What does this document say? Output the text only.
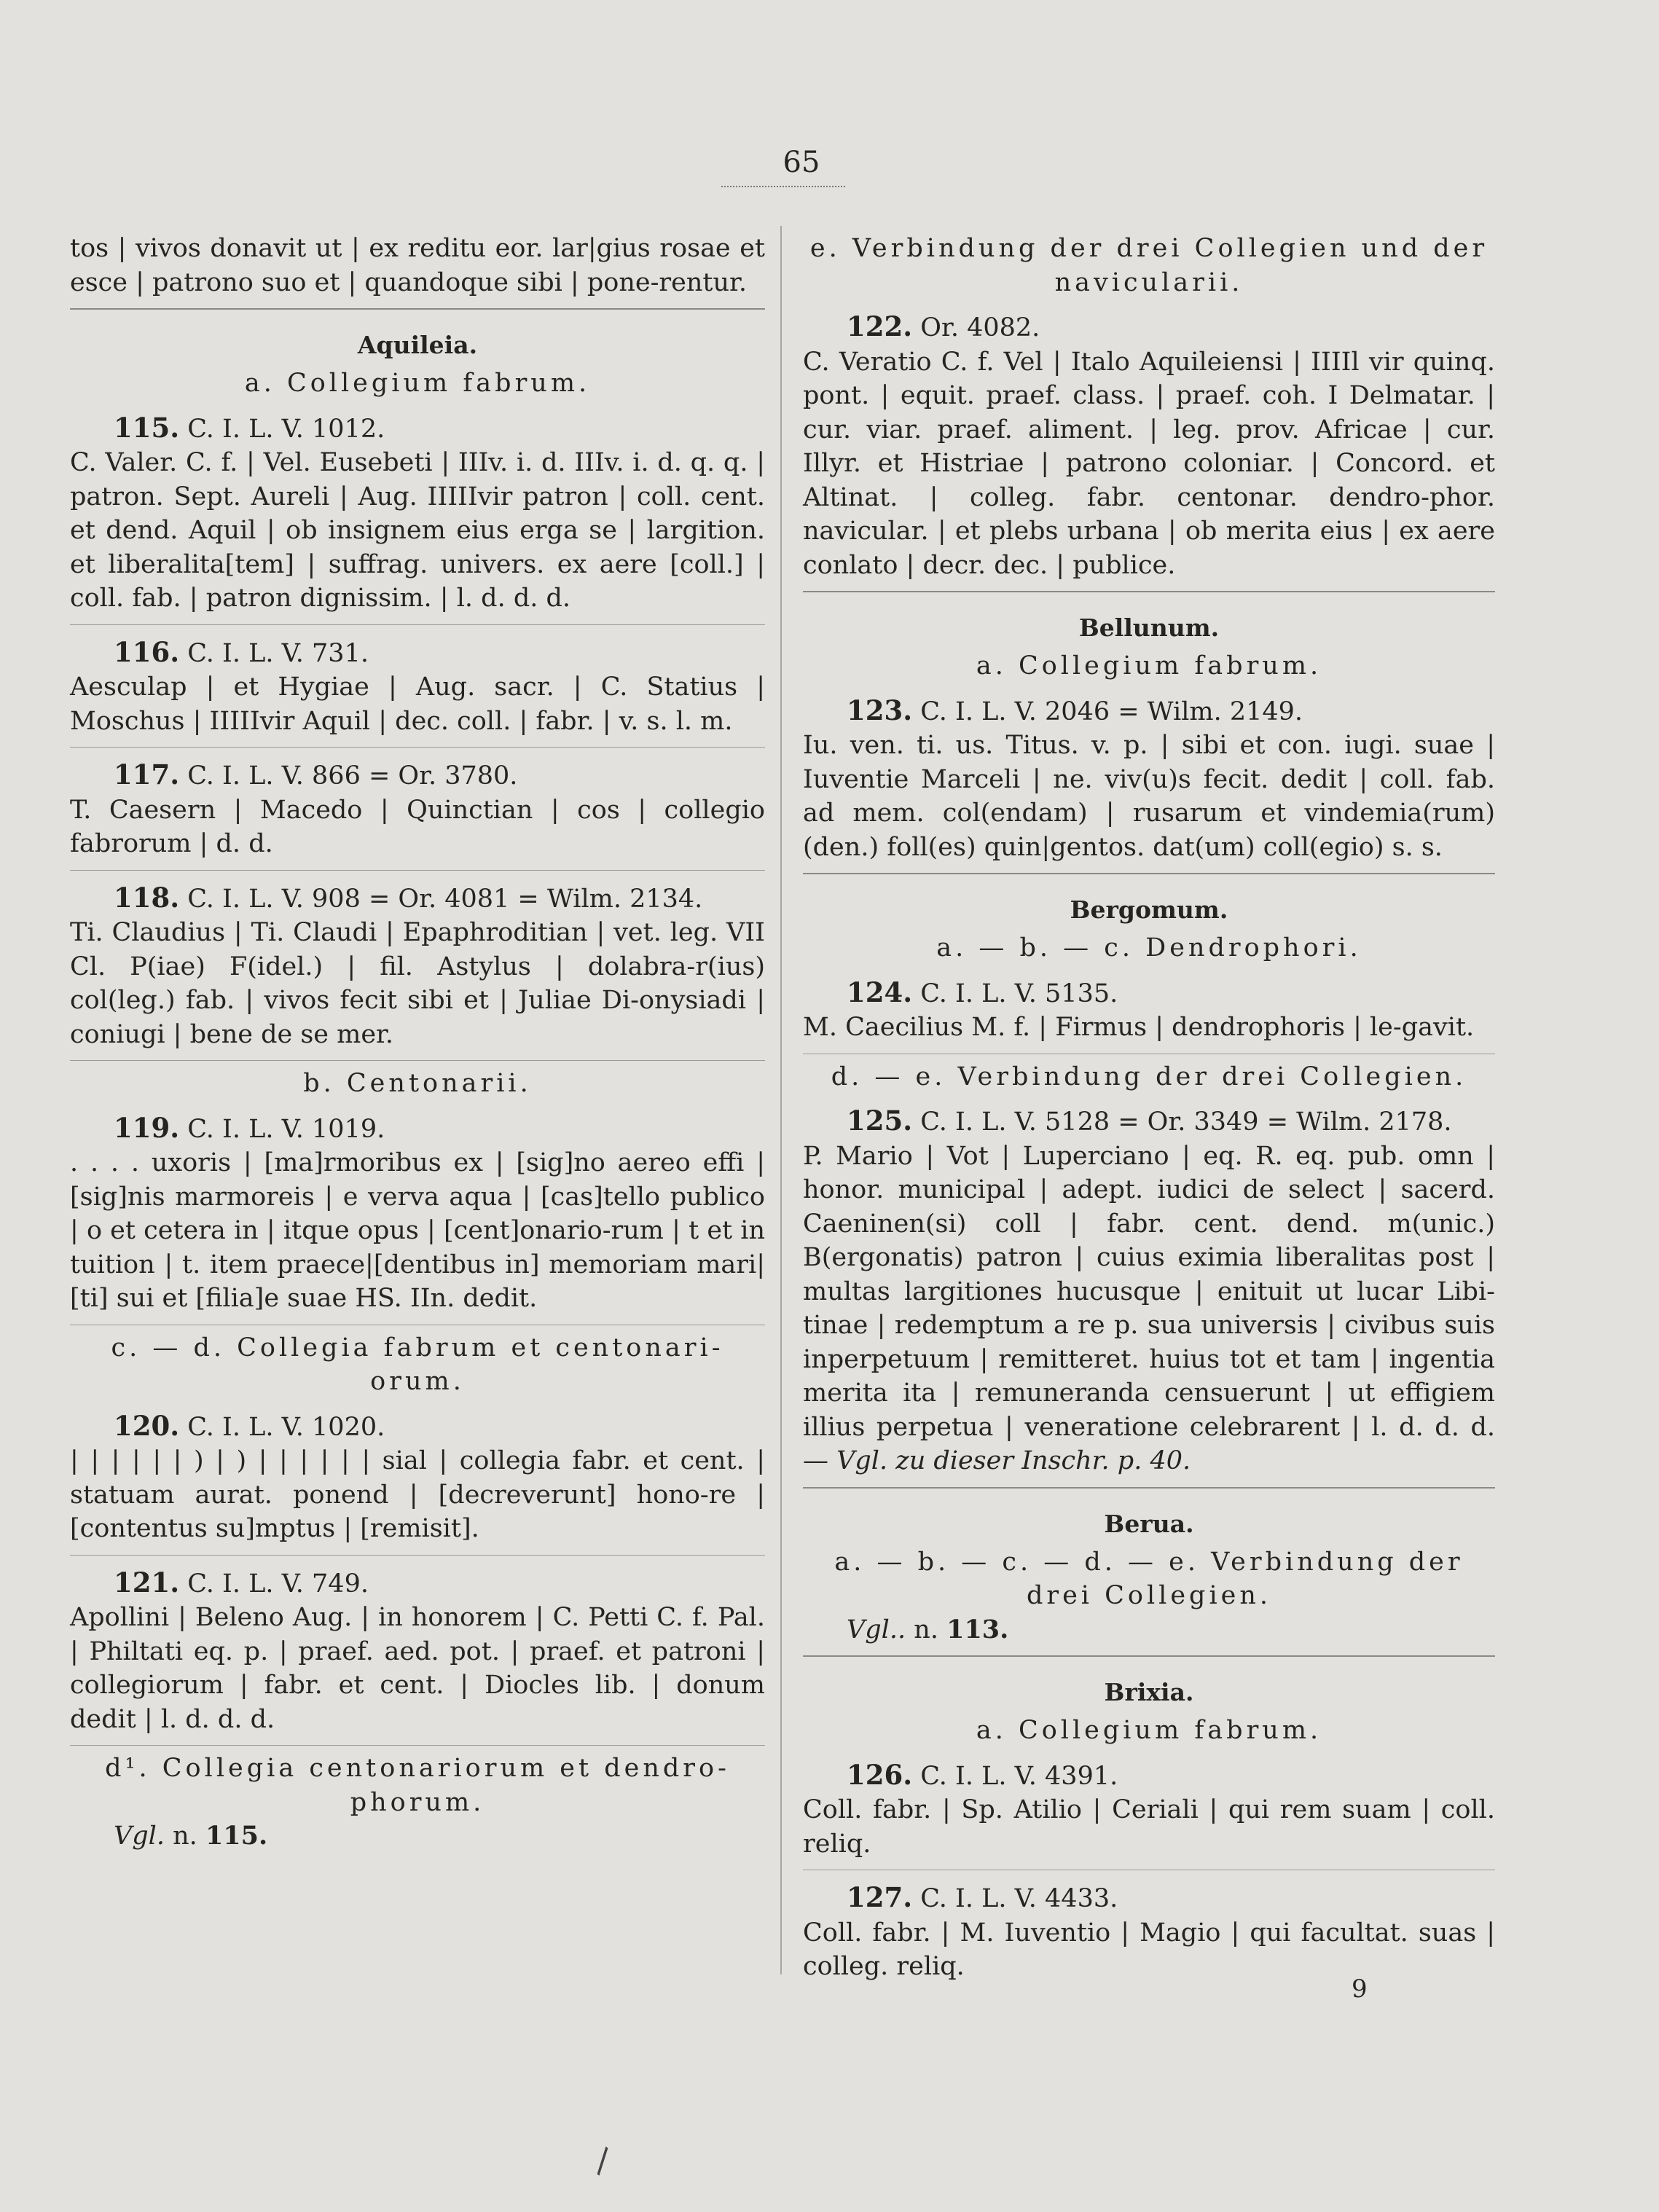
65

tos | vivos donavit ut | ex reditu eor. lar|gius rosae et esce | patrono suo et | quandoque sibi | pone-rentur.

Aquileia.
a. Collegium fabrum.
115. C. I. L. V. 1012.

C. Valer. C. f. | Vel. Eusebeti | IIIv. i. d. IIIv. i. d. q. q. | patron. Sept. Aureli | Aug. IIIIIvir patron | coll. cent. et dend. Aquil | ob insignem eius erga se | largition. et liberalita[tem] | suffrag. univers. ex aere [coll.] | coll. fab. | patron dignissim. | l. d. d. d.

116. C. I. L. V. 731.

Aesculap | et Hygiae | Aug. sacr. | C. Statius | Moschus | IIIIIvir Aquil | dec. coll. | fabr. | v. s. l. m.

117. C. I. L. V. 866 = Or. 3780.

T. Caesern | Macedo | Quinctian | cos | collegio fabrorum | d. d.

118. C. I. L. V. 908 = Or. 4081 = Wilm. 2134.

Ti. Claudius | Ti. Claudi | Epaphroditian | vet. leg. VII Cl. P(iae) F(idel.) | fil. Astylus | dolabra-r(ius) col(leg.) fab. | vivos fecit sibi et | Juliae Di-onysiadi | coniugi | bene de se mer.

b. Centonarii.
119. C. I. L. V. 1019.

. . . . uxoris | [ma]rmoribus ex | [sig]no aereo effi | [sig]nis marmoreis | e verva aqua | [cas]tello publico | o et cetera in | itque opus | [cent]onario-rum | t et in tuition | t. item praece|[dentibus in] memoriam mari|[ti] sui et [filia]e suae HS. IIn. dedit.

c. — d. Collegia fabrum et centonari-orum.
120. C. I. L. V. 1020.

| | | | | | ) | ) | | | | | | sial | collegia fabr. et cent. | statuam aurat. ponend | [decreverunt] hono-re | [contentus su]mptus | [remisit].

121. C. I. L. V. 749.

Apollini | Beleno Aug. | in honorem | C. Petti C. f. Pal. | Philtati eq. p. | praef. aed. pot. | praef. et patroni | collegiorum | fabr. et cent. | Diocles lib. | donum dedit | l. d. d. d.

d¹. Collegia centonariorum et dendro-phorum.
Vgl. n. 115.
e. Verbindung der drei Collegien und der navicularii.
122. Or. 4082.

C. Veratio C. f. Vel | Italo Aquileiensi | IIIIl vir quinq. pont. | equit. praef. class. | praef. coh. I Delmatar. | cur. viar. praef. aliment. | leg. prov. Africae | cur. Illyr. et Histriae | patrono coloniar. | Concord. et Altinat. | colleg. fabr. centonar. dendro-phor. navicular. | et plebs urbana | ob merita eius | ex aere conlato | decr. dec. | publice.

Bellunum.
a. Collegium fabrum.
123. C. I. L. V. 2046 = Wilm. 2149.

Iu. ven. ti. us. Titus. v. p. | sibi et con. iugi. suae | Iuventie Marceli | ne. viv(u)s fecit. dedit | coll. fab. ad mem. col(endam) | rusarum et vindemia(rum) (den.) foll(es) quin|gentos. dat(um) coll(egio) s. s.

Bergomum.
a. — b. — c. Dendrophori.
124. C. I. L. V. 5135.

M. Caecilius M. f. | Firmus | dendrophoris | le-gavit.

d. — e. Verbindung der drei Collegien.
125. C. I. L. V. 5128 = Or. 3349 = Wilm. 2178.

P. Mario | Vot | Luperciano | eq. R. eq. pub. omn | honor. municipal | adept. iudici de select | sacerd. Caeninen(si) coll | fabr. cent. dend. m(unic.) B(ergonatis) patron | cuius eximia liberalitas post | multas largitiones hucusque | enituit ut lucar Libi-tinae | redemptum a re p. sua universis | civibus suis inperpetuum | remitteret. huius tot et tam | ingentia merita ita | remuneranda censuerunt | ut effigiem illius perpetua | veneratione celebrarent | l. d. d. d. — Vgl. zu dieser Inschr. p. 40.

Berua.
a. — b. — c. — d. — e. Verbindung der drei Collegien.
Vgl.. n. 113.
Brixia.
a. Collegium fabrum.
126. C. I. L. V. 4391.

Coll. fabr. | Sp. Atilio | Ceriali | qui rem suam | coll. reliq.

127. C. I. L. V. 4433.

Coll. fabr. | M. Iuventio | Magio | qui facultat. suas | colleg. reliq.

9
\
